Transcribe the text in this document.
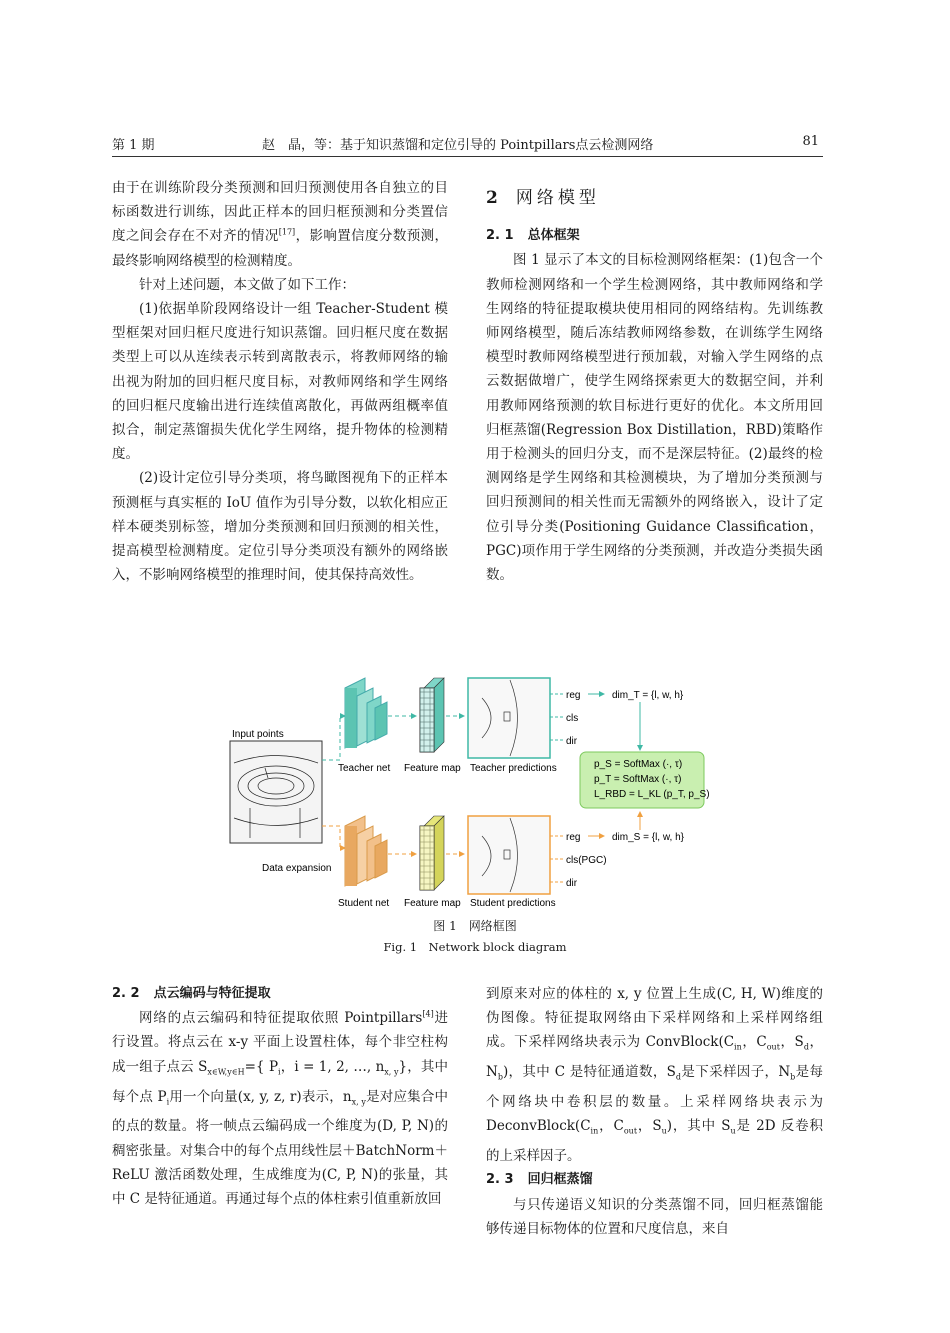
第 1 期	赵　晶，等：基于知识蒸馏和定位引导的 Pointpillars点云检测网络	81

由于在训练阶段分类预测和回归预测使用各自独立的目标函数进行训练，因此正样本的回归框预测和分类置信度之间会存在不对齐的情况[17]，影响置信度分数预测，最终影响网络模型的检测精度。

针对上述问题，本文做了如下工作：

(1)依据单阶段网络设计一组 Teacher-Student 模型框架对回归框尺度进行知识蒸馏。回归框尺度在数据类型上可以从连续表示转到离散表示，将教师网络的输出视为附加的回归框尺度目标，对教师网络和学生网络的回归框尺度输出进行连续值离散化，再做两组概率值拟合，制定蒸馏损失优化学生网络，提升物体的检测精度。

(2)设计定位引导分类项，将鸟瞰图视角下的正样本预测框与真实框的 IoU 值作为引导分数，以软化相应正样本硬类别标签，增加分类预测和回归预测的相关性，提高模型检测精度。定位引导分类项没有额外的网络嵌入，不影响网络模型的推理时间，使其保持高效性。

2 网络模型
2. 1 总体框架

图 1 显示了本文的目标检测网络框架：(1)包含一个教师检测网络和一个学生检测网络，其中教师网络和学生网络的特征提取模块使用相同的网络结构。先训练教师网络模型，随后冻结教师网络参数，在训练学生网络模型时教师网络模型进行预加载，对输入学生网络的点云数据做增广，使学生网络探索更大的数据空间，并利用教师网络预测的软目标进行更好的优化。本文所用回归框蒸馏(Regression Box Distillation，RBD)策略作用于检测头的回归分支，而不是深层特征。(2)最终的检测网络是学生网络和其检测模块，为了增加分类预测与回归预测间的相关性而无需额外的网络嵌入，设计了定位引导分类(Positioning Guidance Classification，PGC)项作用于学生网络的分类预测，并改造分类损失函数。

Input points
Data expansion
Teacher net Feature map Teacher predictions
reg
cls
dir
dim_T = {l, w, h}
p_S = SoftMax (·, τ)
p_T = SoftMax (·, τ)
L_RBD = L_KL (p_T, p_S)
Student net Feature map Student predictions
reg
cls(PGC)
dir
dim_S = {l, w, h}
图 1　网络框图
Fig. 1　Network block diagram
2. 2 点云编码与特征提取

网络的点云编码和特征提取依照 Pointpillars[4]进行设置。将点云在 x-y 平面上设置柱体，每个非空柱构成一组子点云 $S_{x\in W,y\in H}=${ $P_i$，i = 1, 2, …, $n_{x, y}$}，其中每个点 $P_i$用一个向量(x, y, z, r)表示，$n_{x, y}$是对应集合中的点的数量。将一帧点云编码成一个维度为(D, P, N)的稠密张量。对集合中的每个点用线性层＋BatchNorm＋ReLU 激活函数处理，生成维度为(C, P, N)的张量，其中 C 是特征通道。再通过每个点的体柱索引值重新放回

到原来对应的体柱的 x, y 位置上生成(C, H, W)维度的伪图像。特征提取网络由下采样网络和上采样网络组成。下采样网络块表示为 $ConvBlock(C_{in}$，$C_{out}$，$S_d$，$N_b$)，其中 C 是特征通道数，$S_d$是下采样因子，$N_b$是每个网络块中卷积层的数量。上采样网络块表示为 $DeconvBlock(C_{in}$，$C_{out}$，$S_u$)，其中 $S_u$是 2D 反卷积的上采样因子。

2. 3 回归框蒸馏

与只传递语义知识的分类蒸馏不同，回归框蒸馏能够传递目标物体的位置和尺度信息，来自
